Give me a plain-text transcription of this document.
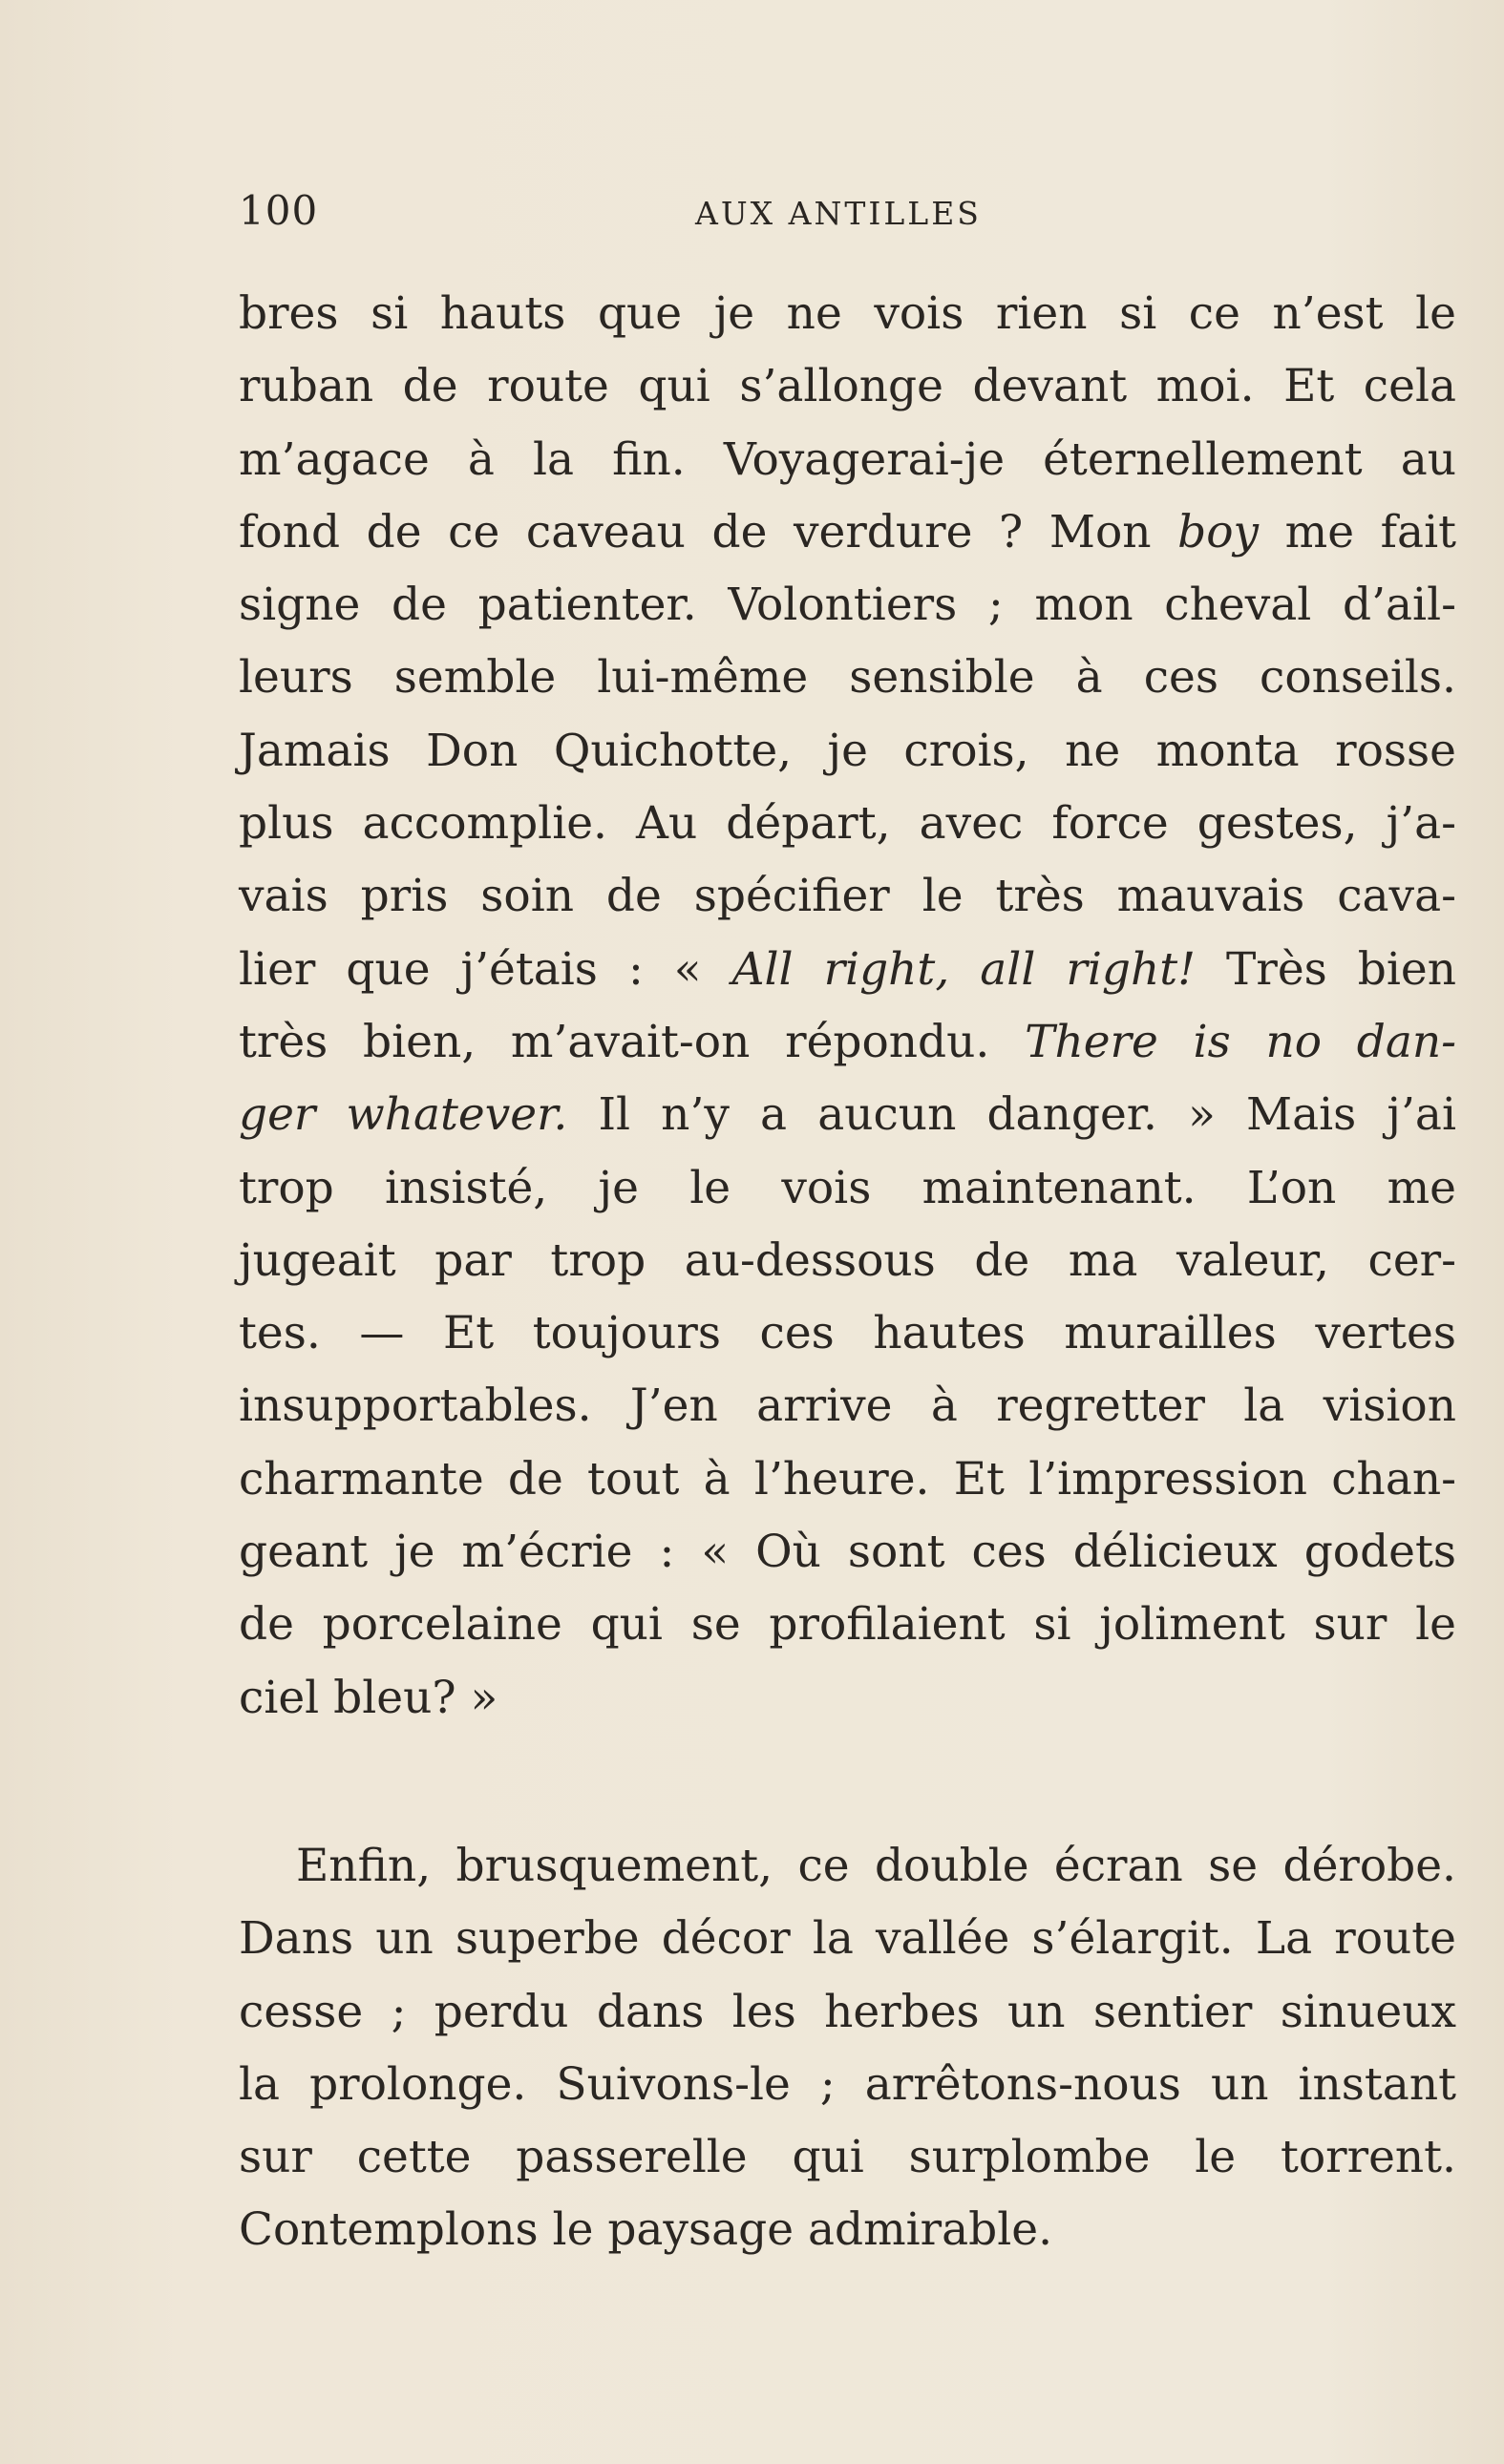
100	AUX ANTILLES
bres si hauts que je ne vois rien si ce n’est le
ruban de route qui s’allonge devant moi. Et cela
m’agace à la fin. Voyagerai-je éternellement au
fond de ce caveau de verdure ? Mon boy me fait
signe de patienter. Volontiers ; mon cheval d’ail-
leurs semble lui-même sensible à ces conseils.
Jamais Don Quichotte, je crois, ne monta rosse
plus accomplie. Au départ, avec force gestes, j’a-
vais pris soin de spécifier le très mauvais cava-
lier que j’étais : « All right, all right! Très bien
très bien, m’avait-on répondu. There is no dan-
ger whatever. Il n’y a aucun danger. » Mais j’ai
trop insisté, je le vois maintenant. L’on me
jugeait par trop au-dessous de ma valeur, cer-
tes. — Et toujours ces hautes murailles vertes
insupportables. J’en arrive à regretter la vision
charmante de tout à l’heure. Et l’impression chan-
geant je m’écrie : « Où sont ces délicieux godets
de porcelaine qui se profilaient si joliment sur le
ciel bleu? »
Enfin, brusquement, ce double écran se dérobe.
Dans un superbe décor la vallée s’élargit. La route
cesse ; perdu dans les herbes un sentier sinueux
la prolonge. Suivons-le ; arrêtons-nous un instant
sur cette passerelle qui surplombe le torrent.
Contemplons le paysage admirable.
